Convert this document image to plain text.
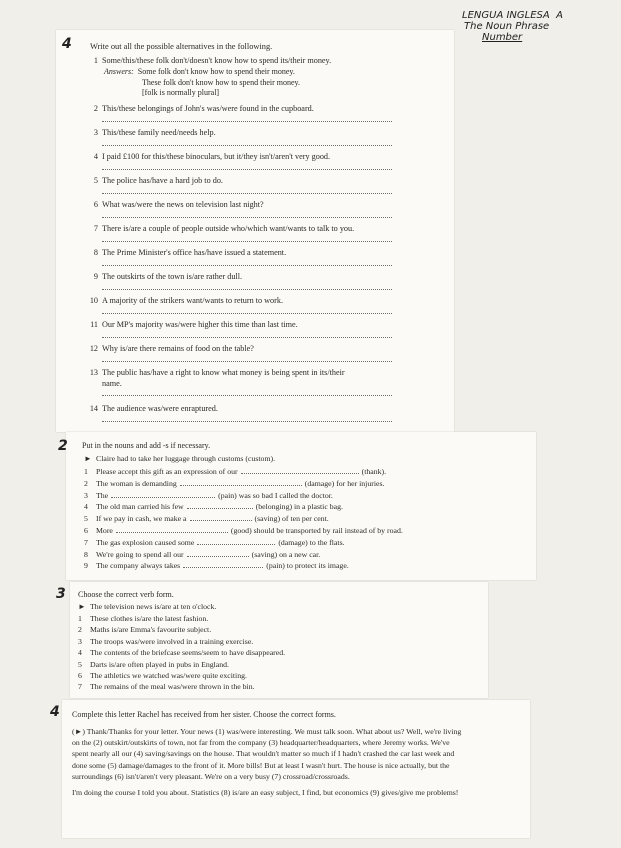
LENGUA INGLESA A
The Noun Phrase
Number
4 Write out all the possible alternatives in the following.
1 Some/this/these folk don't/doesn't know how to spend its/their money.
Answers: Some folk don't know how to spend their money.
These folk don't know how to spend their money.
[folk is normally plural]
2 This/these belongings of John's was/were found in the cupboard.
3 This/these family need/needs help.
4 I paid £100 for this/these binoculars, but it/they isn't/aren't very good.
5 The police has/have a hard job to do.
6 What was/were the news on television last night?
7 There is/are a couple of people outside who/which want/wants to talk to you.
8 The Prime Minister's office has/have issued a statement.
9 The outskirts of the town is/are rather dull.
10 A majority of the strikers want/wants to return to work.
11 Our MP's majority was/were higher this time than last time.
12 Why is/are there remains of food on the table?
13 The public has/have a right to know what money is being spent in its/their
name.
14 The audience was/were enraptured.
2 Put in the nouns and add -s if necessary.
► Claire had to take her luggage through customs (custom).
1 Please accept this gift as an expression of our	(thank).
2 The woman is demanding	(damage) for her injuries.
3 The	(pain) was so bad I called the doctor.
4 The old man carried his few	(belonging) in a plastic bag.
5 If we pay in cash, we make a	(saving) of ten per cent.
6 More	(good) should be transported by rail instead of by road.
7 The gas explosion caused some	(damage) to the flats.
8 We're going to spend all our	(saving) on a new car.
9 The company always takes	(pain) to protect its image.
3 Choose the correct verb form.
► The television news is/are at ten o'clock.
1 These clothes is/are the latest fashion.
2 Maths is/are Emma's favourite subject.
3 The troops was/were involved in a training exercise.
4 The contents of the briefcase seems/seem to have disappeared.
5 Darts is/are often played in pubs in England.
6 The athletics we watched was/were quite exciting.
7 The remains of the meal was/were thrown in the bin.
4 Complete this letter Rachel has received from her sister. Choose the correct forms.

(►) Thank/Thanks for your letter. Your news (1) was/were interesting. We must talk soon. What about us? Well, we're living on the (2) outskirt/outskirts of town, not far from the company (3) headquarter/headquarters, where Jeremy works. We've spent nearly all our (4) saving/savings on the house. That wouldn't matter so much if I hadn't crashed the car last week and done some (5) damage/damages to the front of it. More bills! But at least I wasn't hurt. The house is nice actually, but the surroundings (6) isn't/aren't very pleasant. We're on a very busy (7) crossroad/crossroads.

I'm doing the course I told you about. Statistics (8) is/are an easy subject, I find, but economics (9) gives/give me problems!
